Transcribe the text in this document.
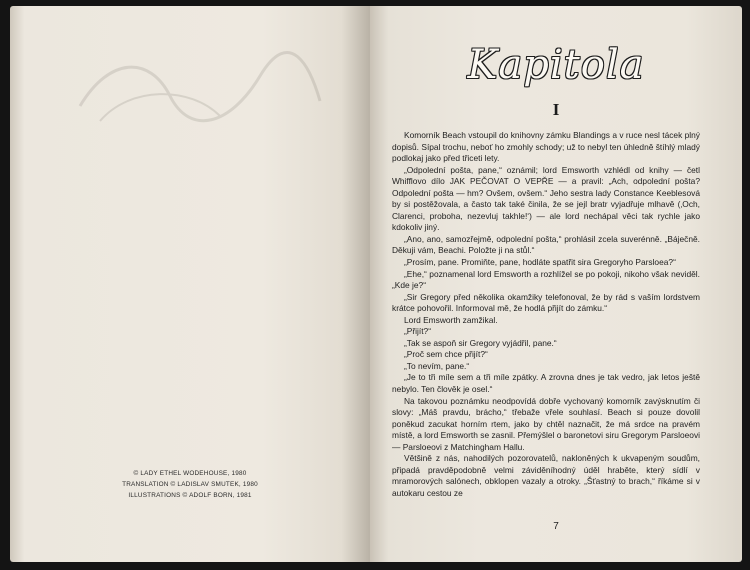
© LADY ETHEL WODEHOUSE, 1980
TRANSLATION © LADISLAV SMUTEK, 1980
ILLUSTRATIONS © ADOLF BORN, 1981
Kapitola
I

Komorník Beach vstoupil do knihovny zámku Blandings a v ruce nesl tácek plný dopisů. Sípal trochu, neboť ho zmohly schody; už to nebyl ten úhledně štíhlý mladý podlokaj jako před třiceti lety.

„Odpolední pošta, pane,“ oznámil; lord Emsworth vzhlédl od knihy — četl Whifflovo dílo JAK PEČOVAT O VEPŘE — a pravil: „Ach, odpolední pošta? Odpolední pošta — hm? Ovšem, ovšem.“ Jeho sestra lady Constance Keeblesová by si postěžovala, a často tak také činila, že se jejl bratr vyjadřuje mlhavě (‚Och, Clarenci, proboha, nezevluj takhle!‘) — ale lord nechápal věci tak rychle jako kdokoliv jiný.

„Ano, ano, samozřejmě, odpolední pošta,“ prohlásil zcela suverénně. „Báječně. Děkuji vám, Beachi. Položte ji na stůl.“

„Prosím, pane. Promiňte, pane, hodláte spatřit sira Gregoryho Parsloea?“

„Ehe,“ poznamenal lord Emsworth a rozhlížel se po pokoji, nikoho však neviděl. „Kde je?“

„Sir Gregory před několika okamžiky telefonoval, že by rád s vaším lordstvem krátce pohovořil. Informoval mě, že hodlá přijít do zámku.“

Lord Emsworth zamžikal.

„Přijít?“

„Tak se aspoň sir Gregory vyjádřil, pane.“

„Proč sem chce přijít?“

„To nevím, pane.“

„Je to tři míle sem a tři míle zpátky. A zrovna dnes je tak vedro, jak letos ještě nebylo. Ten člověk je osel.“

Na takovou poznámku neodpovídá dobře vychovaný komorník zavýsknutím či slovy: „Máš pravdu, brácho,“ třebaže vřele souhlasí. Beach si pouze dovolil poněkud zacukat horním rtem, jako by chtěl naznačit, že má srdce na pravém místě, a lord Emsworth se zasnil. Přemýšlel o baronetovi siru Gregorym Parsloeovi — Parsloeovi z Matchingham Hallu.

Většině z nás, nahodilých pozorovatelů, nakloněných k ukvapeným soudům, připadá pravděpodobně velmi záviděníhodný úděl hraběte, který sídlí v mramorových salónech, obklopen vazaly a otroky. „Šťastný to brach,“ říkáme si v autokaru cestou ze

7
